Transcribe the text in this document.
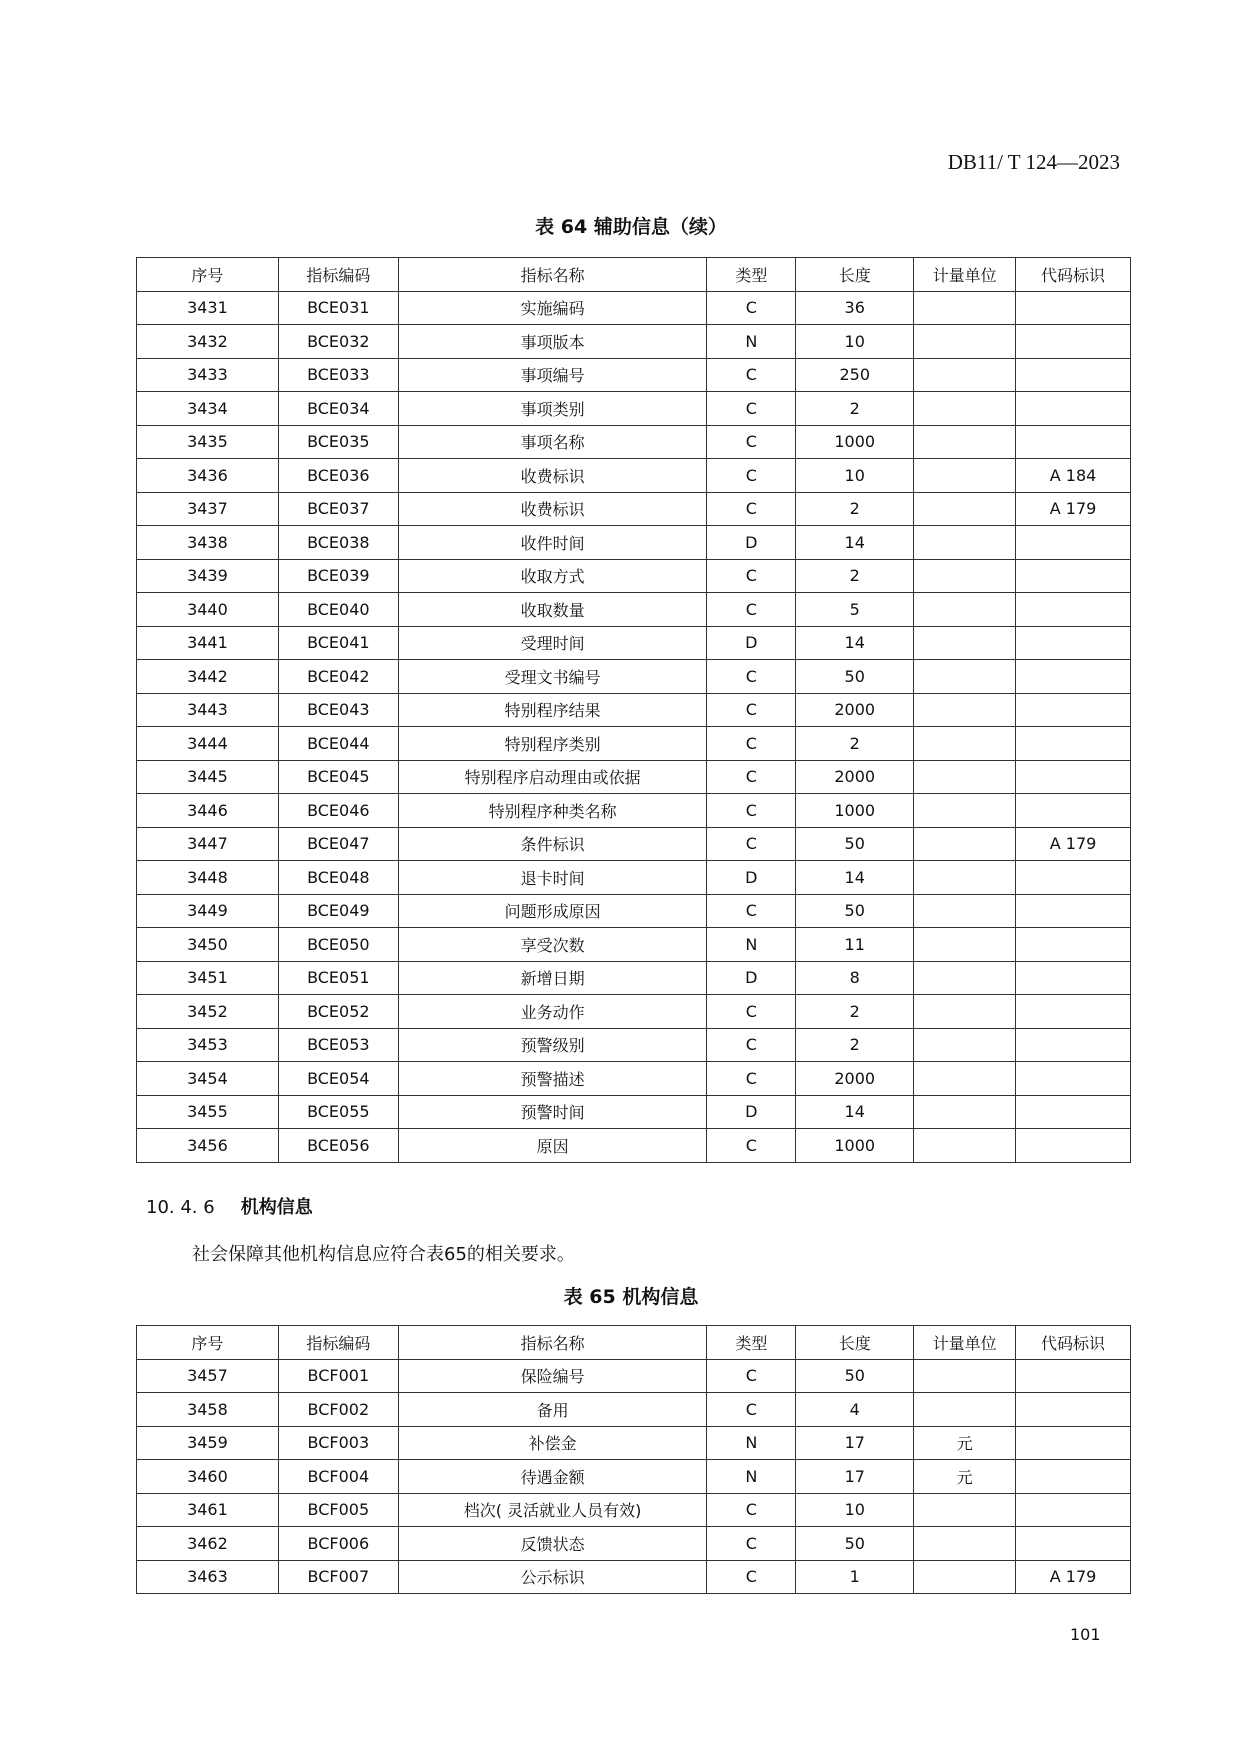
DB11/ T 124—2023
表 64 辅助信息（续）
序号	指标编码	指标名称	类型	长度	计量单位	代码标识
3431	BCE031	实施编码	C	36		
3432	BCE032	事项版本	N	10		
3433	BCE033	事项编号	C	250		
3434	BCE034	事项类别	C	2		
3435	BCE035	事项名称	C	1000		
3436	BCE036	收费标识	C	10		A 184
3437	BCE037	收费标识	C	2		A 179
3438	BCE038	收件时间	D	14		
3439	BCE039	收取方式	C	2		
3440	BCE040	收取数量	C	5		
3441	BCE041	受理时间	D	14		
3442	BCE042	受理文书编号	C	50		
3443	BCE043	特别程序结果	C	2000		
3444	BCE044	特别程序类别	C	2		
3445	BCE045	特别程序启动理由或依据	C	2000		
3446	BCE046	特别程序种类名称	C	1000		
3447	BCE047	条件标识	C	50		A 179
3448	BCE048	退卡时间	D	14		
3449	BCE049	问题形成原因	C	50		
3450	BCE050	享受次数	N	11		
3451	BCE051	新增日期	D	8		
3452	BCE052	业务动作	C	2		
3453	BCE053	预警级别	C	2		
3454	BCE054	预警描述	C	2000		
3455	BCE055	预警时间	D	14		
3456	BCE056	原因	C	1000		
10. 4. 6 机构信息
社会保障其他机构信息应符合表65的相关要求。
表 65 机构信息
序号	指标编码	指标名称	类型	长度	计量单位	代码标识
3457	BCF001	保险编号	C	50		
3458	BCF002	备用	C	4		
3459	BCF003	补偿金	N	17	元	
3460	BCF004	待遇金额	N	17	元	
3461	BCF005	档次( 灵活就业人员有效)	C	10		
3462	BCF006	反馈状态	C	50		
3463	BCF007	公示标识	C	1		A 179
101
